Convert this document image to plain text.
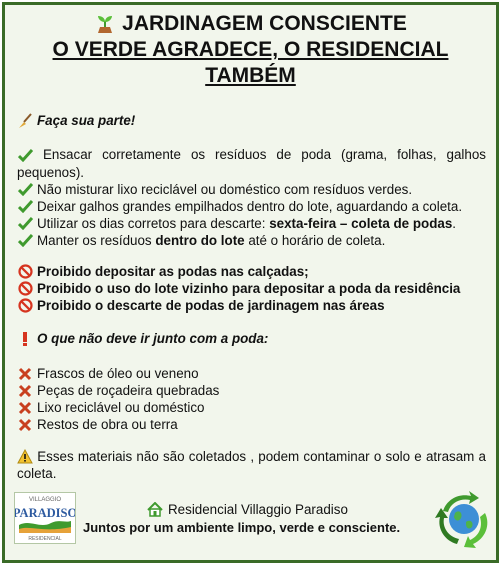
JARDINAGEM CONSCIENTE
O VERDE AGRADECE, O RESIDENCIAL
TAMBÉM
Faça sua parte!
Ensacar corretamente os resíduos de poda (grama, folhas, galhos pequenos).
Não misturar lixo reciclável ou doméstico com resíduos verdes.
Deixar galhos grandes empilhados dentro do lote, aguardando a coleta.
Utilizar os dias corretos para descarte: sexta-feira – coleta de podas.
Manter os resíduos dentro do lote até o horário de coleta.
Proibido depositar as podas nas calçadas;
Proibido o uso do lote vizinho para depositar a poda da residência
Proibido o descarte de podas de jardinagem nas áreas
O que não deve ir junto com a poda:
Frascos de óleo ou veneno
Peças de roçadeira quebradas
Lixo reciclável ou doméstico
Restos de obra ou terra
Esses materiais não são coletados , podem contaminar o solo e atrasam a coleta.
VILLAGGIO
PARADISO
RESIDENCIAL
Residencial Villaggio Paradiso
Juntos por um ambiente limpo, verde e consciente.
